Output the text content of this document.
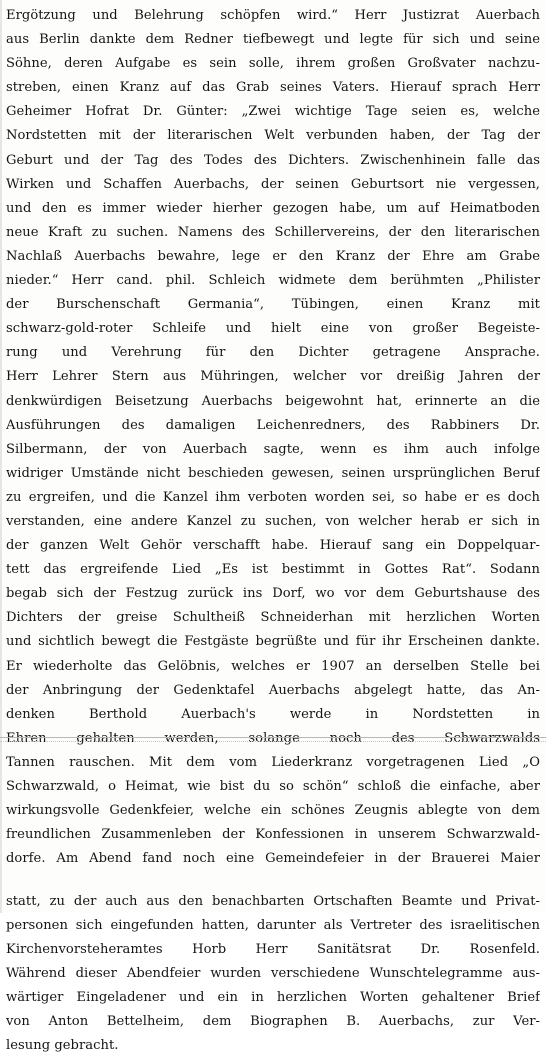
Ergötzung und Belehrung schöpfen wird.“ Herr Justizrat Auerbach
aus Berlin dankte dem Redner tiefbewegt und legte für sich und seine
Söhne, deren Aufgabe es sein solle, ihrem großen Großvater nachzu-
streben, einen Kranz auf das Grab seines Vaters. Hierauf sprach Herr
Geheimer Hofrat Dr. Günter: „Zwei wichtige Tage seien es, welche
Nordstetten mit der literarischen Welt verbunden haben, der Tag der
Geburt und der Tag des Todes des Dichters. Zwischenhinein falle das
Wirken und Schaffen Auerbachs, der seinen Geburtsort nie vergessen,
und den es immer wieder hierher gezogen habe, um auf Heimatboden
neue Kraft zu suchen. Namens des Schillervereins, der den literarischen
Nachlaß Auerbachs bewahre, lege er den Kranz der Ehre am Grabe
nieder.“ Herr cand. phil. Schleich widmete dem berühmten „Philister
der Burschenschaft Germania“, Tübingen, einen Kranz mit
schwarz-gold-roter Schleife und hielt eine von großer Begeiste-
rung und Verehrung für den Dichter getragene Ansprache.
Herr Lehrer Stern aus Mühringen, welcher vor dreißig Jahren der
denkwürdigen Beisetzung Auerbachs beigewohnt hat, erinnerte an die
Ausführungen des damaligen Leichenredners, des Rabbiners Dr.
Silbermann, der von Auerbach sagte, wenn es ihm auch infolge
widriger Umstände nicht beschieden gewesen, seinen ursprünglichen Beruf
zu ergreifen, und die Kanzel ihm verboten worden sei, so habe er es doch
verstanden, eine andere Kanzel zu suchen, von welcher herab er sich in
der ganzen Welt Gehör verschafft habe. Hierauf sang ein Doppelquar-
tett das ergreifende Lied „Es ist bestimmt in Gottes Rat“. Sodann
begab sich der Festzug zurück ins Dorf, wo vor dem Geburtshause des
Dichters der greise Schultheiß Schneiderhan mit herzlichen Worten
und sichtlich bewegt die Festgäste begrüßte und für ihr Erscheinen dankte.
Er wiederholte das Gelöbnis, welches er 1907 an derselben Stelle bei
der Anbringung der Gedenktafel Auerbachs abgelegt hatte, das An-
denken Berthold Auerbach's werde in Nordstetten in
Ehren gehalten werden, solange noch des Schwarzwalds
Tannen rauschen. Mit dem vom Liederkranz vorgetragenen Lied „O
Schwarzwald, o Heimat, wie bist du so schön“ schloß die einfache, aber
wirkungsvolle Gedenkfeier, welche ein schönes Zeugnis ablegte von dem
freundlichen Zusammenleben der Konfessionen in unserem Schwarzwald-
dorfe. Am Abend fand noch eine Gemeindefeier in der Brauerei Maier
statt, zu der auch aus den benachbarten Ortschaften Beamte und Privat-
personen sich eingefunden hatten, darunter als Vertreter des israelitischen
Kirchenvorsteheramtes Horb Herr Sanitätsrat Dr. Rosenfeld.
Während dieser Abendfeier wurden verschiedene Wunschtelegramme aus-
wärtiger Eingeladener und ein in herzlichen Worten gehaltener Brief
von Anton Bettelheim, dem Biographen B. Auerbachs, zur Ver-
lesung gebracht.
